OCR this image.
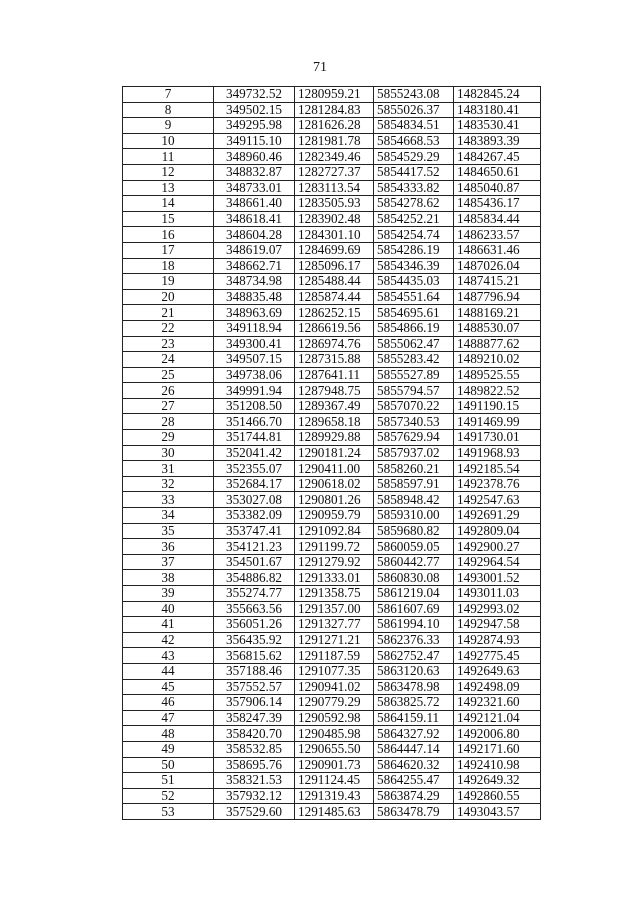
71
7	349732.52	1280959.21	5855243.08	1482845.24
8	349502.15	1281284.83	5855026.37	1483180.41
9	349295.98	1281626.28	5854834.51	1483530.41
10	349115.10	1281981.78	5854668.53	1483893.39
11	348960.46	1282349.46	5854529.29	1484267.45
12	348832.87	1282727.37	5854417.52	1484650.61
13	348733.01	1283113.54	5854333.82	1485040.87
14	348661.40	1283505.93	5854278.62	1485436.17
15	348618.41	1283902.48	5854252.21	1485834.44
16	348604.28	1284301.10	5854254.74	1486233.57
17	348619.07	1284699.69	5854286.19	1486631.46
18	348662.71	1285096.17	5854346.39	1487026.04
19	348734.98	1285488.44	5854435.03	1487415.21
20	348835.48	1285874.44	5854551.64	1487796.94
21	348963.69	1286252.15	5854695.61	1488169.21
22	349118.94	1286619.56	5854866.19	1488530.07
23	349300.41	1286974.76	5855062.47	1488877.62
24	349507.15	1287315.88	5855283.42	1489210.02
25	349738.06	1287641.11	5855527.89	1489525.55
26	349991.94	1287948.75	5855794.57	1489822.52
27	351208.50	1289367.49	5857070.22	1491190.15
28	351466.70	1289658.18	5857340.53	1491469.99
29	351744.81	1289929.88	5857629.94	1491730.01
30	352041.42	1290181.24	5857937.02	1491968.93
31	352355.07	1290411.00	5858260.21	1492185.54
32	352684.17	1290618.02	5858597.91	1492378.76
33	353027.08	1290801.26	5858948.42	1492547.63
34	353382.09	1290959.79	5859310.00	1492691.29
35	353747.41	1291092.84	5859680.82	1492809.04
36	354121.23	1291199.72	5860059.05	1492900.27
37	354501.67	1291279.92	5860442.77	1492964.54
38	354886.82	1291333.01	5860830.08	1493001.52
39	355274.77	1291358.75	5861219.04	1493011.03
40	355663.56	1291357.00	5861607.69	1492993.02
41	356051.26	1291327.77	5861994.10	1492947.58
42	356435.92	1291271.21	5862376.33	1492874.93
43	356815.62	1291187.59	5862752.47	1492775.45
44	357188.46	1291077.35	5863120.63	1492649.63
45	357552.57	1290941.02	5863478.98	1492498.09
46	357906.14	1290779.29	5863825.72	1492321.60
47	358247.39	1290592.98	5864159.11	1492121.04
48	358420.70	1290485.98	5864327.92	1492006.80
49	358532.85	1290655.50	5864447.14	1492171.60
50	358695.76	1290901.73	5864620.32	1492410.98
51	358321.53	1291124.45	5864255.47	1492649.32
52	357932.12	1291319.43	5863874.29	1492860.55
53	357529.60	1291485.63	5863478.79	1493043.57
